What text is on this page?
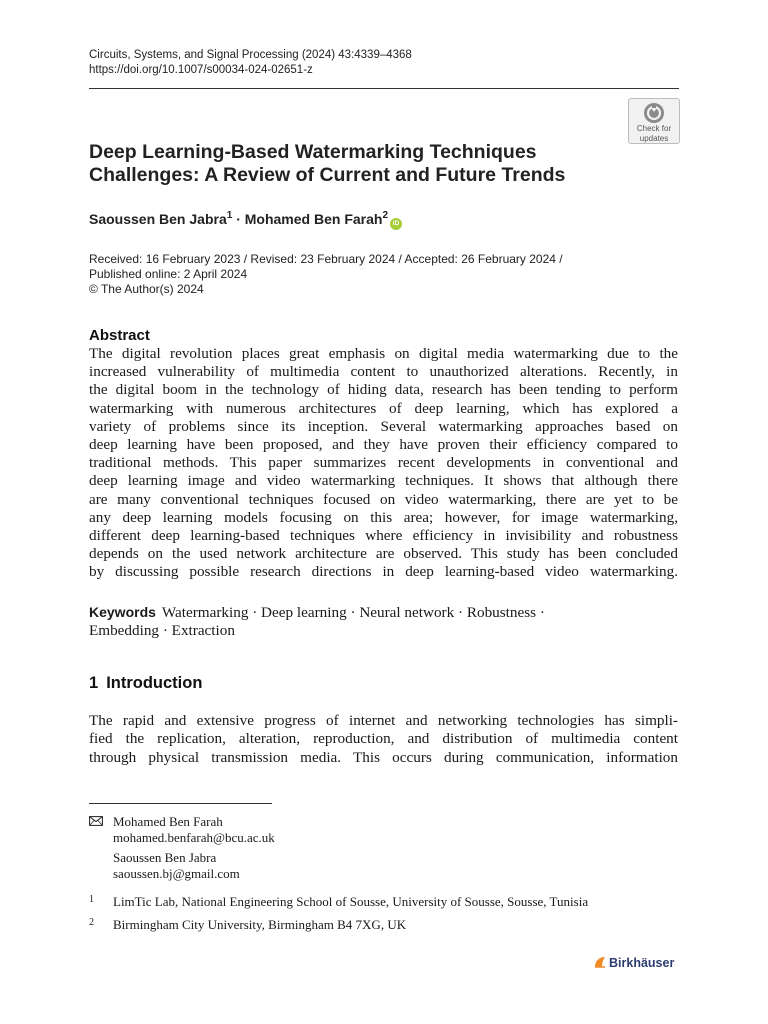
Circuits, Systems, and Signal Processing (2024) 43:4339–4368
https://doi.org/10.1007/s00034-024-02651-z
Check for
updates
Deep Learning-Based Watermarking Techniques
Challenges: A Review of Current and Future Trends
Saoussen Ben Jabra$^1$ · Mohamed Ben Farah$^2$iD
Received: 16 February 2023 / Revised: 23 February 2024 / Accepted: 26 February 2024 /
Published online: 2 April 2024
© The Author(s) 2024
Abstract
The digital revolution places great emphasis on digital media watermarking due to the
increased vulnerability of multimedia content to unauthorized alterations. Recently, in
the digital boom in the technology of hiding data, research has been tending to perform
watermarking with numerous architectures of deep learning, which has explored a
variety of problems since its inception. Several watermarking approaches based on
deep learning have been proposed, and they have proven their efficiency compared to
traditional methods. This paper summarizes recent developments in conventional and
deep learning image and video watermarking techniques. It shows that although there
are many conventional techniques focused on video watermarking, there are yet to be
any deep learning models focusing on this area; however, for image watermarking,
different deep learning-based techniques where efficiency in invisibility and robustness
depends on the used network architecture are observed. This study has been concluded
by discussing possible research directions in deep learning-based video watermarking.
Keywords Watermarking · Deep learning · Neural network · Robustness ·
Embedding · Extraction
1 Introduction
The rapid and extensive progress of internet and networking technologies has simpli-
fied the replication, alteration, reproduction, and distribution of multimedia content
through physical transmission media. This occurs during communication, information
Mohamed Ben Farah
mohamed.benfarah@bcu.ac.uk
Saoussen Ben Jabra
saoussen.bj@gmail.com
1	LimTic Lab, National Engineering School of Sousse, University of Sousse, Sousse, Tunisia
2	Birmingham City University, Birmingham B4 7XG, UK
Birkhäuser
